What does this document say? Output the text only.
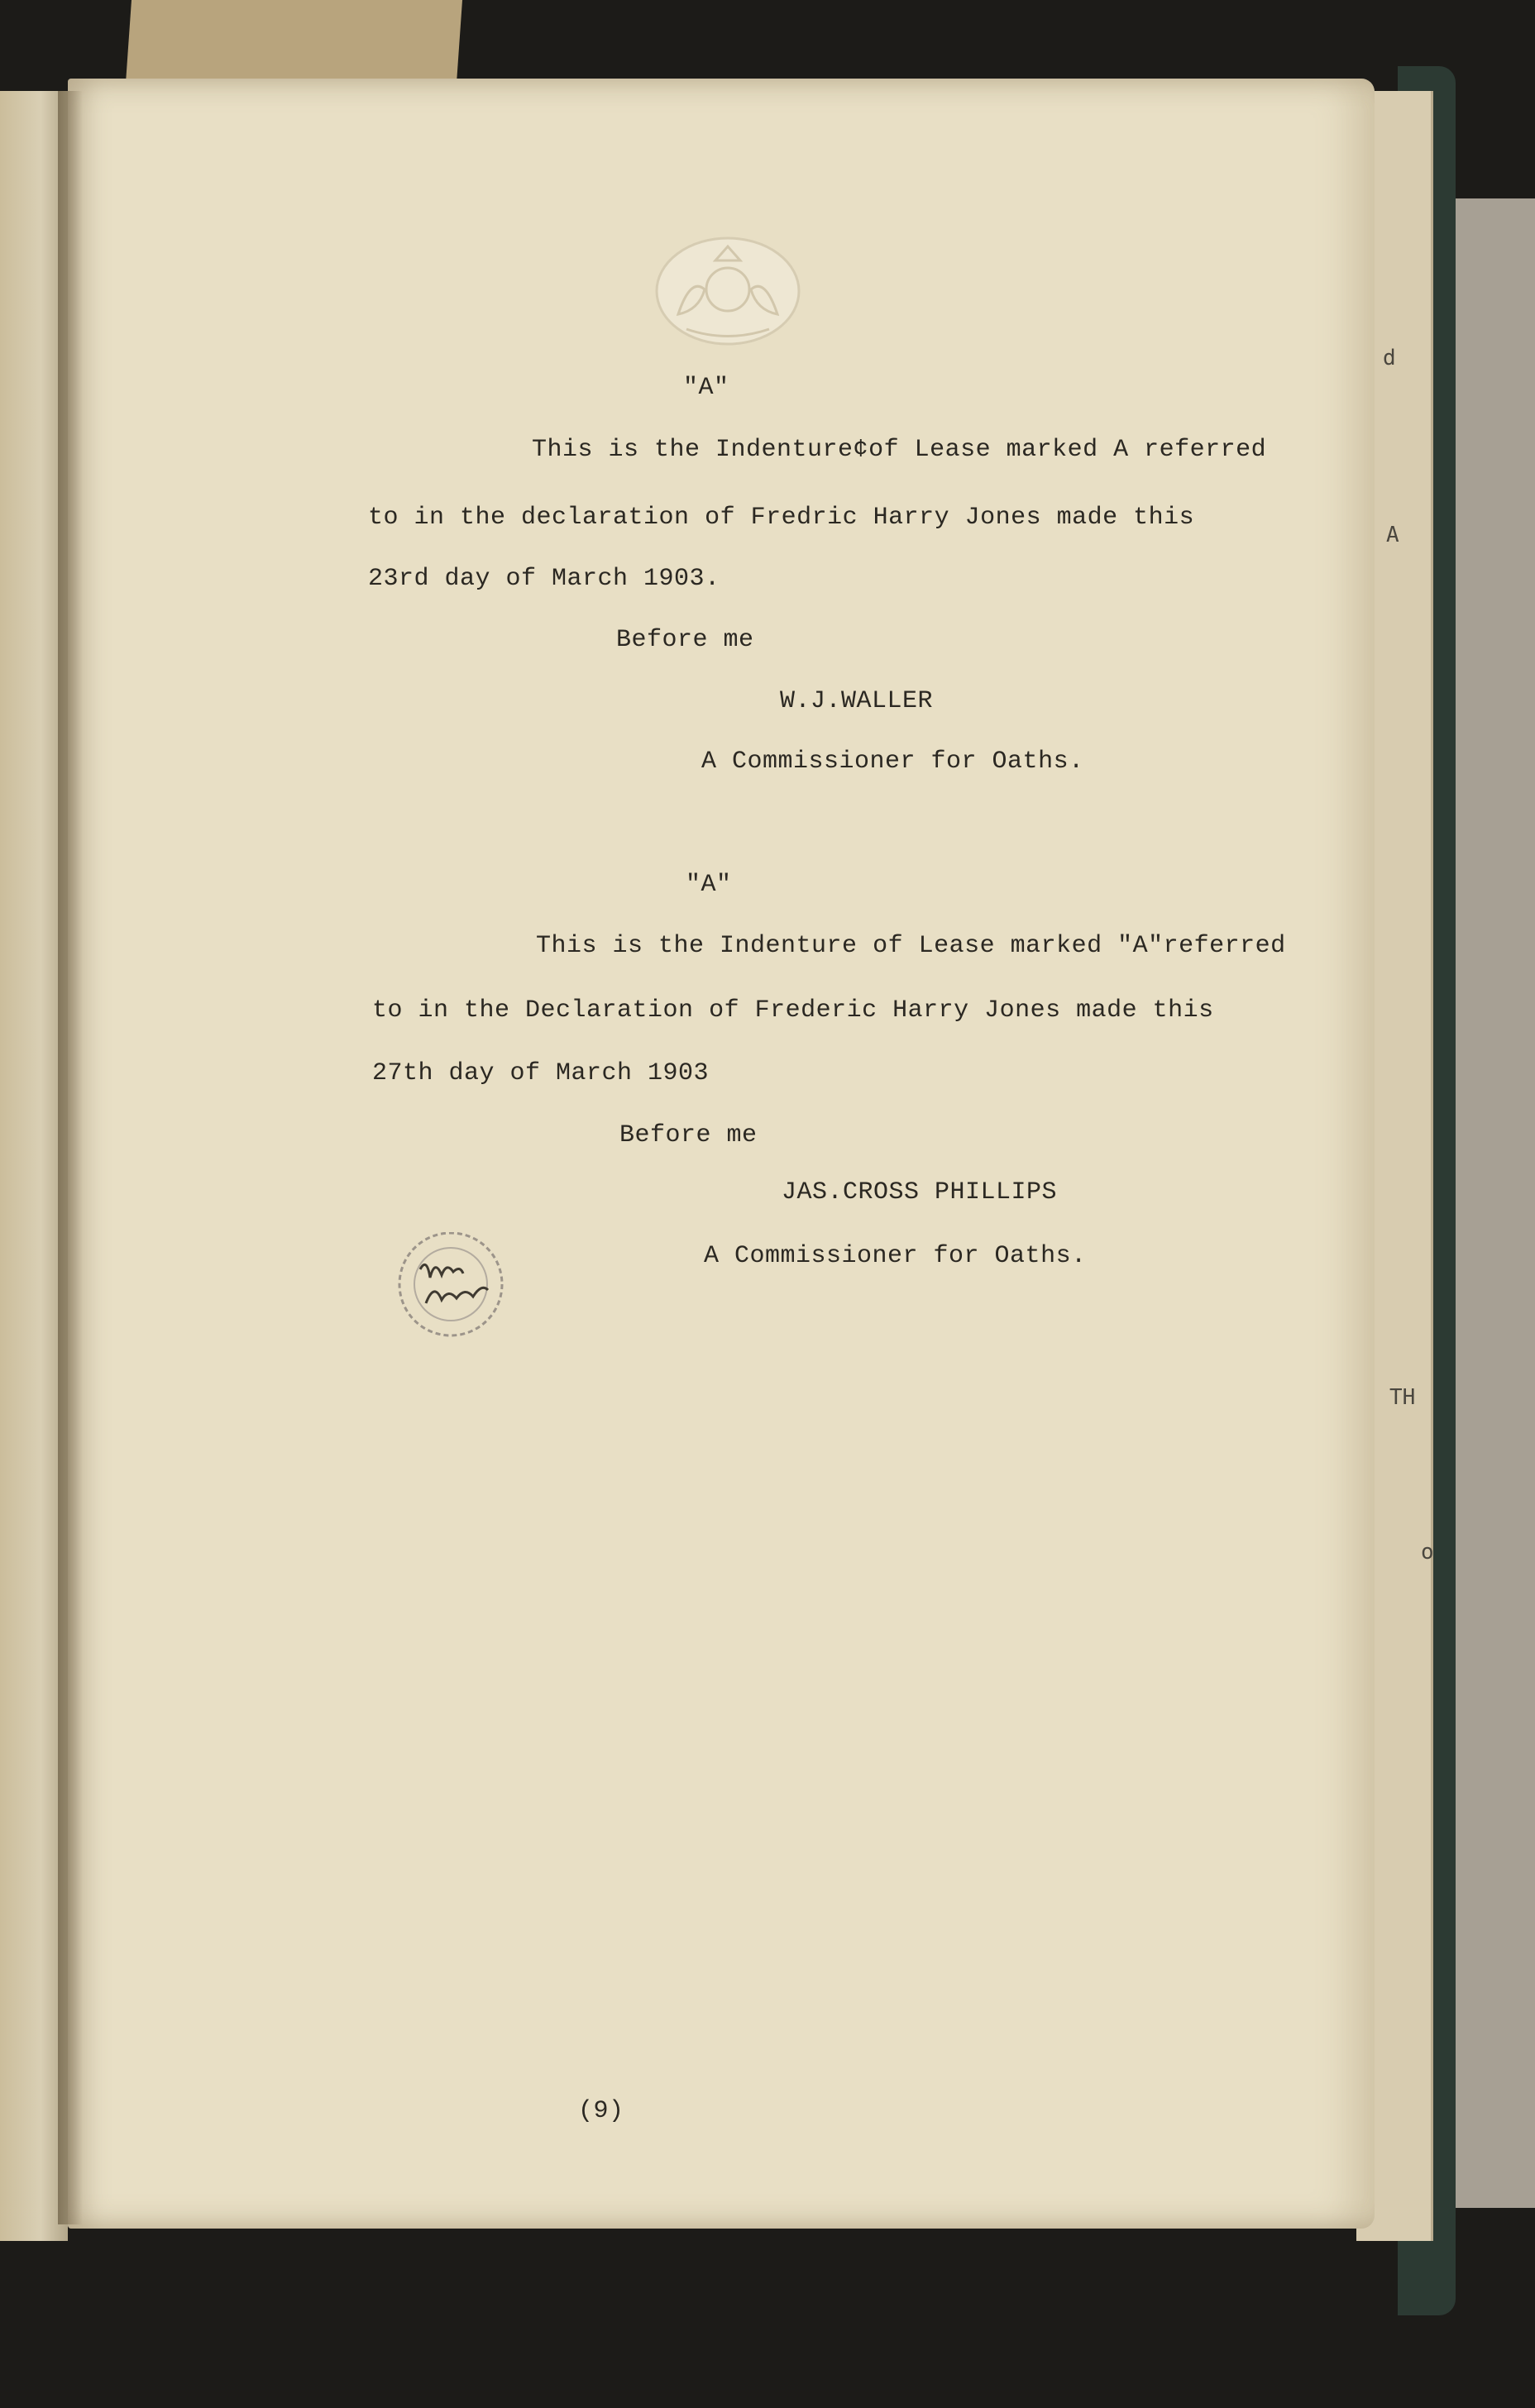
d
A
TH
o
"A"
This is the Indenture¢of Lease marked A referred
to in the declaration of Fredric Harry Jones made this
23rd day of March 1903.
Before me
W.J.WALLER
A Commissioner for Oaths.
"A"
This is the Indenture of Lease marked "A"referred
to in the Declaration of Frederic Harry Jones made this
27th day of March 1903
Before me
JAS.CROSS PHILLIPS
A Commissioner for Oaths.
(9)
